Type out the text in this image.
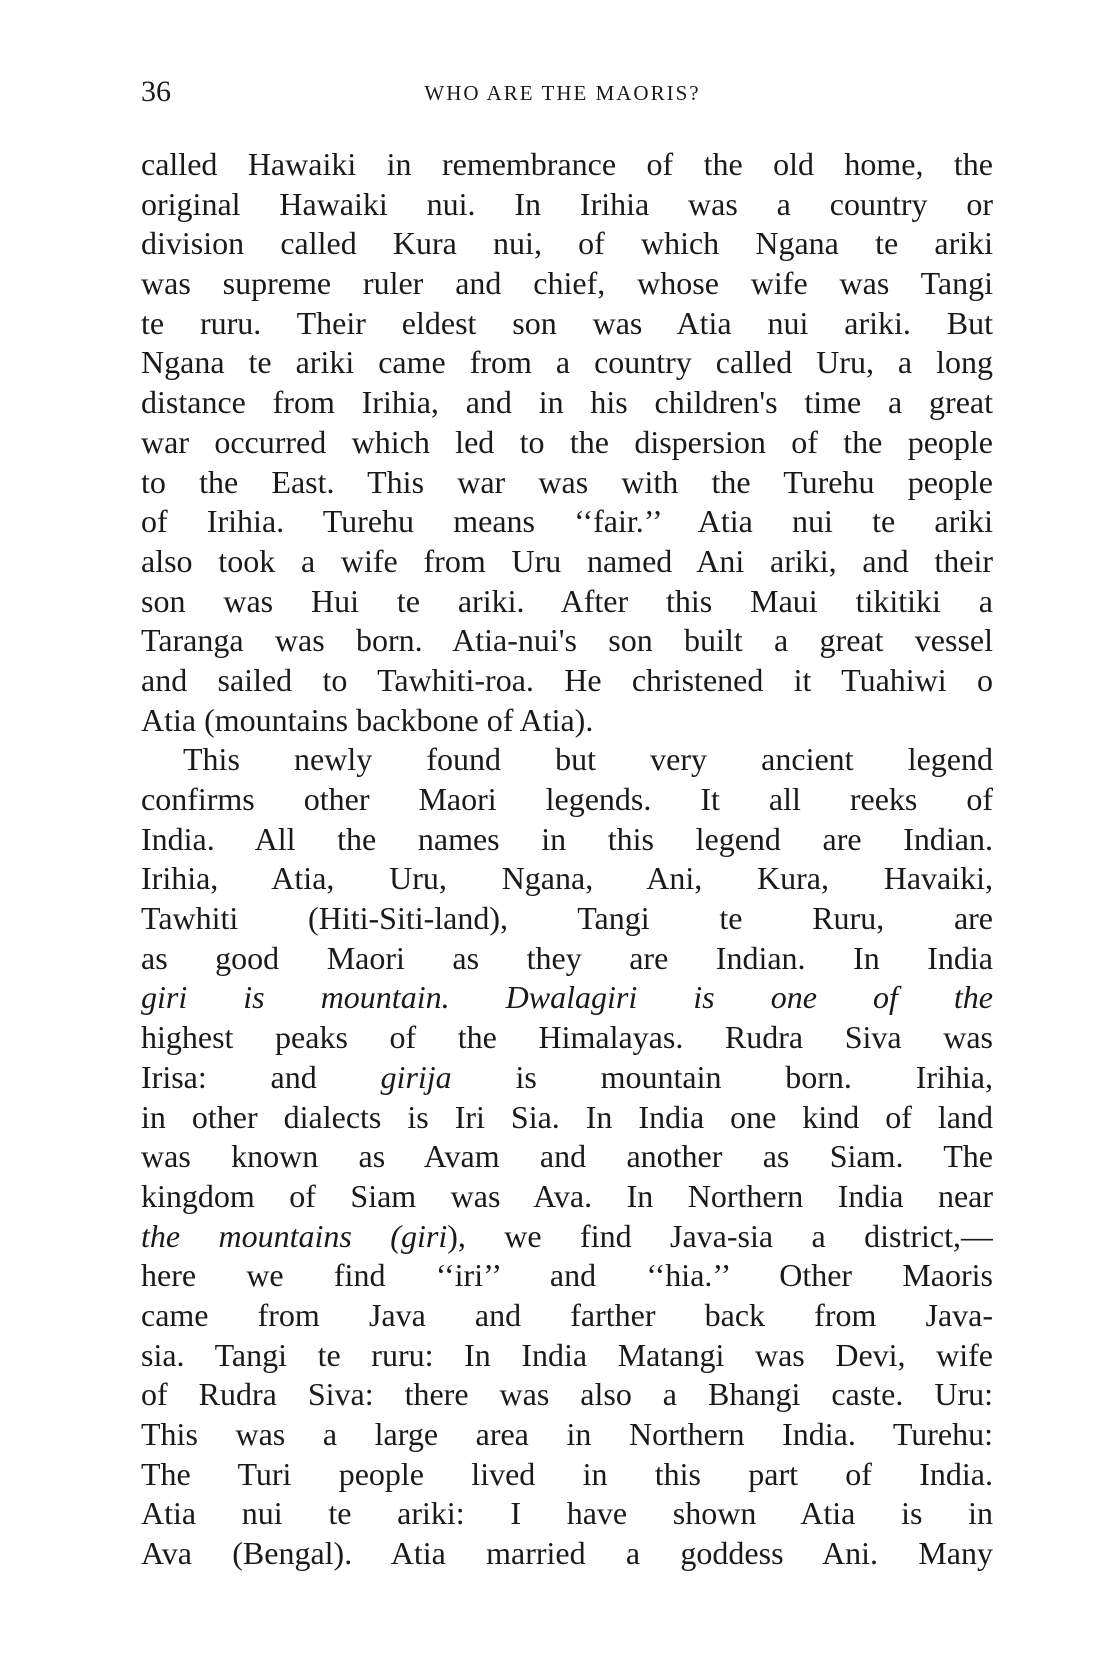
36	WHO ARE THE MAORIS?
called Hawaiki in remembrance of the old home, the
original Hawaiki nui. In Irihia was a country or
division called Kura nui, of which Ngana te ariki
was supreme ruler and chief, whose wife was Tangi
te ruru. Their eldest son was Atia nui ariki. But
Ngana te ariki came from a country called Uru, a long
distance from Irihia, and in his children's time a great
war occurred which led to the dispersion of the people
to the East. This war was with the Turehu people
of Irihia. Turehu means ‘‘fair.’’ Atia nui te ariki
also took a wife from Uru named Ani ariki, and their
son was Hui te ariki. After this Maui tikitiki a
Taranga was born. Atia-nui's son built a great vessel
and sailed to Tawhiti-roa. He christened it Tuahiwi o
Atia (mountains backbone of Atia).
This newly found but very ancient legend
confirms other Maori legends. It all reeks of
India. All the names in this legend are Indian.
Irihia, Atia, Uru, Ngana, Ani, Kura, Havaiki,
Tawhiti (Hiti-Siti-land), Tangi te Ruru, are
as good Maori as they are Indian. In India
giri is mountain. Dwalagiri is one of the
highest peaks of the Himalayas. Rudra Siva was
Irisa: and girija is mountain born. Irihia,
in other dialects is Iri Sia. In India one kind of land
was known as Avam and another as Siam. The
kingdom of Siam was Ava. In Northern India near
the mountains (giri), we find Java-sia a district,—
here we find ‘‘iri’’ and ‘‘hia.’’ Other Maoris
came from Java and farther back from Java-
sia. Tangi te ruru: In India Matangi was Devi, wife
of Rudra Siva: there was also a Bhangi caste. Uru:
This was a large area in Northern India. Turehu:
The Turi people lived in this part of India.
Atia nui te ariki: I have shown Atia is in
Ava (Bengal). Atia married a goddess Ani. Many
